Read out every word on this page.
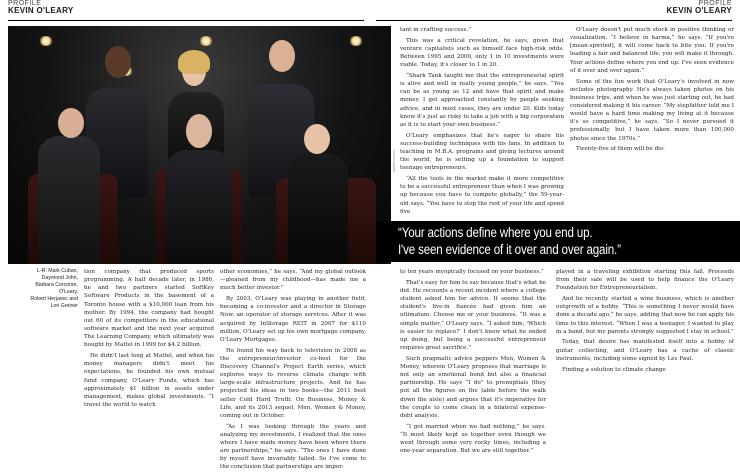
PROFILE
KEVIN O'LEARY
PROFILE
KEVIN O'LEARY
PHOTO CREDIT
L-R: Mark Cuban,
Daymond John,
Barbara Corcoran,
O'Leary,
Robert Herjavec and
Lori Greiner

tion company that produced sports programming. A half decade later, in 1986, he and two partners started SoftKey Software Products in the basement of a Toronto house with a $10,000 loan from his mother. By 1994, the company had bought out 60 of its competitors in the educational software market and the next year acquired The Learning Company, which ultimately was bought by Mattel in 1999 for $4.2 billion.

He didn't last long at Mattel, and when his money managers didn't meet his expectations, he founded his own mutual fund company, O'Leary Funds, which has approximately $1 billion in assets under management, makes global investments. “I travel the world to watch

other economies,” he says. “And my global outlook—gleaned from my childhood—has made me a much better investor.”

By 2003, O'Leary was playing in another field, becoming a co-investor and a director in Storage Now, an operator of storage services. After it was acquired by InStorage REIT in 2007 for $110 million, O'Leary set up his own mortgage company, O'Leary Mortgages.

He found his way back to television in 2008 as the entrepreneur/investor co-host for the Discovery Channel's Project Earth series, which explores ways to reverse climate change with large-scale infrastructure projects. And he has projected his ideas in two books—the 2011 best seller Cold Hard Truth: On Business, Money & Life, and its 2013 sequel, Men, Women & Money, coming out in October.

“As I was looking through the years and analyzing my investments, I realized that the ones where I have made money have been where there are partnerships,” he says. “The ones I have done by myself have invariably failed. So I've come to the conclusion that partnerships are impor-

tant in crafting success.”

This was a critical revelation, he says, given that venture capitalists such as himself face high-risk odds. Between 1995 and 2000, only 1 in 10 investments were viable. Today, it's closer to 1 in 20.

“Shark Tank taught me that the entrepreneurial spirit is alive and well in really young people,” he says. “You can be as young as 12 and have that spirit and make money. I get approached constantly by people seeking advice, and in most cases, they are under 20. Kids today know it's just as risky to take a job with a big corporation as it is to start your own business.”

O'Leary emphasizes that he's eager to share his success-building techniques with his fans. In addition to teaching in M.B.A. programs and giving lectures around the world, he is setting up a foundation to support teenage entrepreneurs.

“All the tools in the market make it more competitive to be a successful entrepreneur than when I was growing up because you have to compete globally,” the 59-year-old says. “You have to stop the rest of your life and spend five

O'Leary doesn't put much stock in positive thinking or visualization. “I believe in karma,” he says. “If you're [mean-spirited], it will come back to bite you. If you're leading a fair and balanced life, you will make it through. Your actions define where you end up. I've seen evidence of it over and over again.”

Some of the fun work that O'Leary's involved in now includes photography. He's always taken photos on his business trips, and when he was just starting out, he had considered making it his career. “My stepfather told me I would have a hard time making my living at it because it's so competitive,” he says. “So I never pursued it professionally, but I have taken more than 100,000 photos since the 1970s.”

Twenty-five of them will be dis-

“Your actions define where you end up.
I've seen evidence of it over and over again.”

to ten years myopically focused on your business.”

That's easy for him to say because that's what he did. He recounts a recent incident where a college student asked him for advice. It seems that the student's live-in fiancée had given him an ultimatum: Choose me or your business. “It was a simple matter,” O'Leary says. “I asked him, 'Which is easier to replace?' I don't know what he ended up doing, but being a successful entrepreneur requires great sacrifice.”

Such pragmatic advice peppers Men, Women & Money, wherein O'Leary proposes that marriage is not only an emotional bond but also a financial partnership. He says “I do” to prenuptials (they put all the figures on the table before the walk down the aisle) and argues that it's imperative for the couple to come clean in a bilateral expense-debt analysis.

“I got married when we had nothing,” he says. “It most likely kept us together even though we went through some very rocky times, including a one-year separation. But we are still together.”

played in a traveling exhibition starting this fall. Proceeds from their sale will be used to help finance the O'Leary Foundation for Entrepreneurialism.

And he recently started a wine business, which is another outgrowth of a hobby. “This is something I never would have done a decade ago,” he says, adding that now he can apply his time to this interest. “When I was a teenager, I wanted to play in a band, but my parents strongly suggested I stay in school.”

Today, that desire has manifested itself into a hobby of guitar collecting, and O'Leary has a cache of classic instruments, including some signed by Les Paul.

Finding a solution to climate change
